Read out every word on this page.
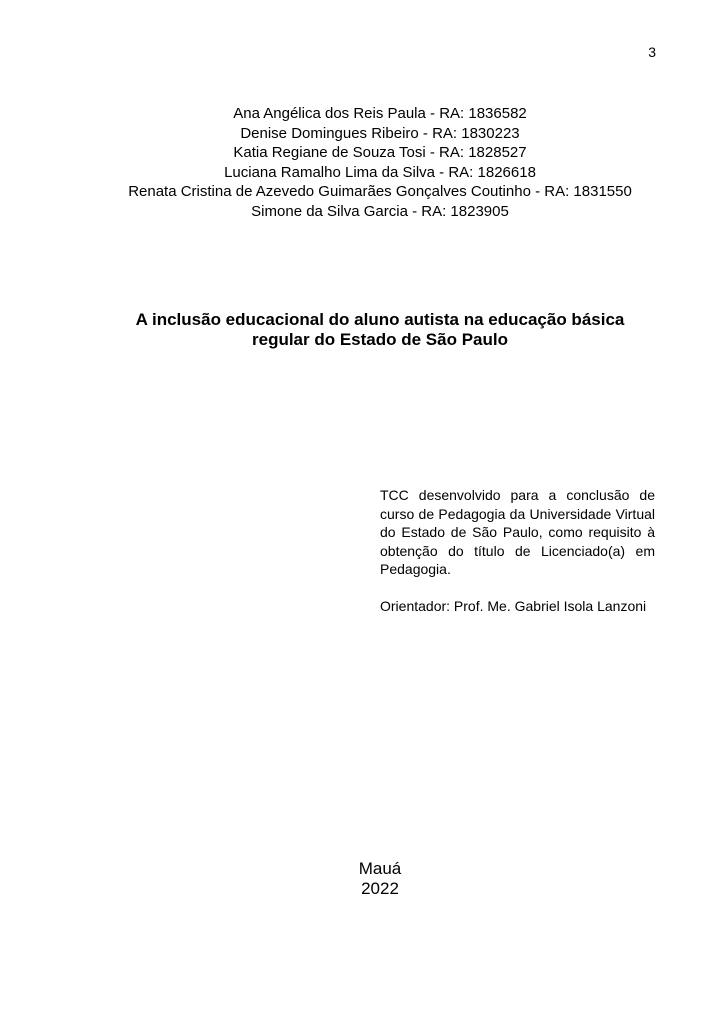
3
Ana Angélica dos Reis Paula - RA: 1836582
Denise Domingues Ribeiro - RA: 1830223
Katia Regiane de Souza Tosi - RA: 1828527
Luciana Ramalho Lima da Silva - RA: 1826618
Renata Cristina de Azevedo Guimarães Gonçalves Coutinho - RA: 1831550
Simone da Silva Garcia - RA: 1823905
A inclusão educacional do aluno autista na educação básica
regular do Estado de São Paulo
TCC desenvolvido para a conclusão de curso de Pedagogia da Universidade Virtual do Estado de São Paulo, como requisito à obtenção do título de Licenciado(a) em Pedagogia.
Orientador: Prof. Me. Gabriel Isola Lanzoni
Mauá
2022
